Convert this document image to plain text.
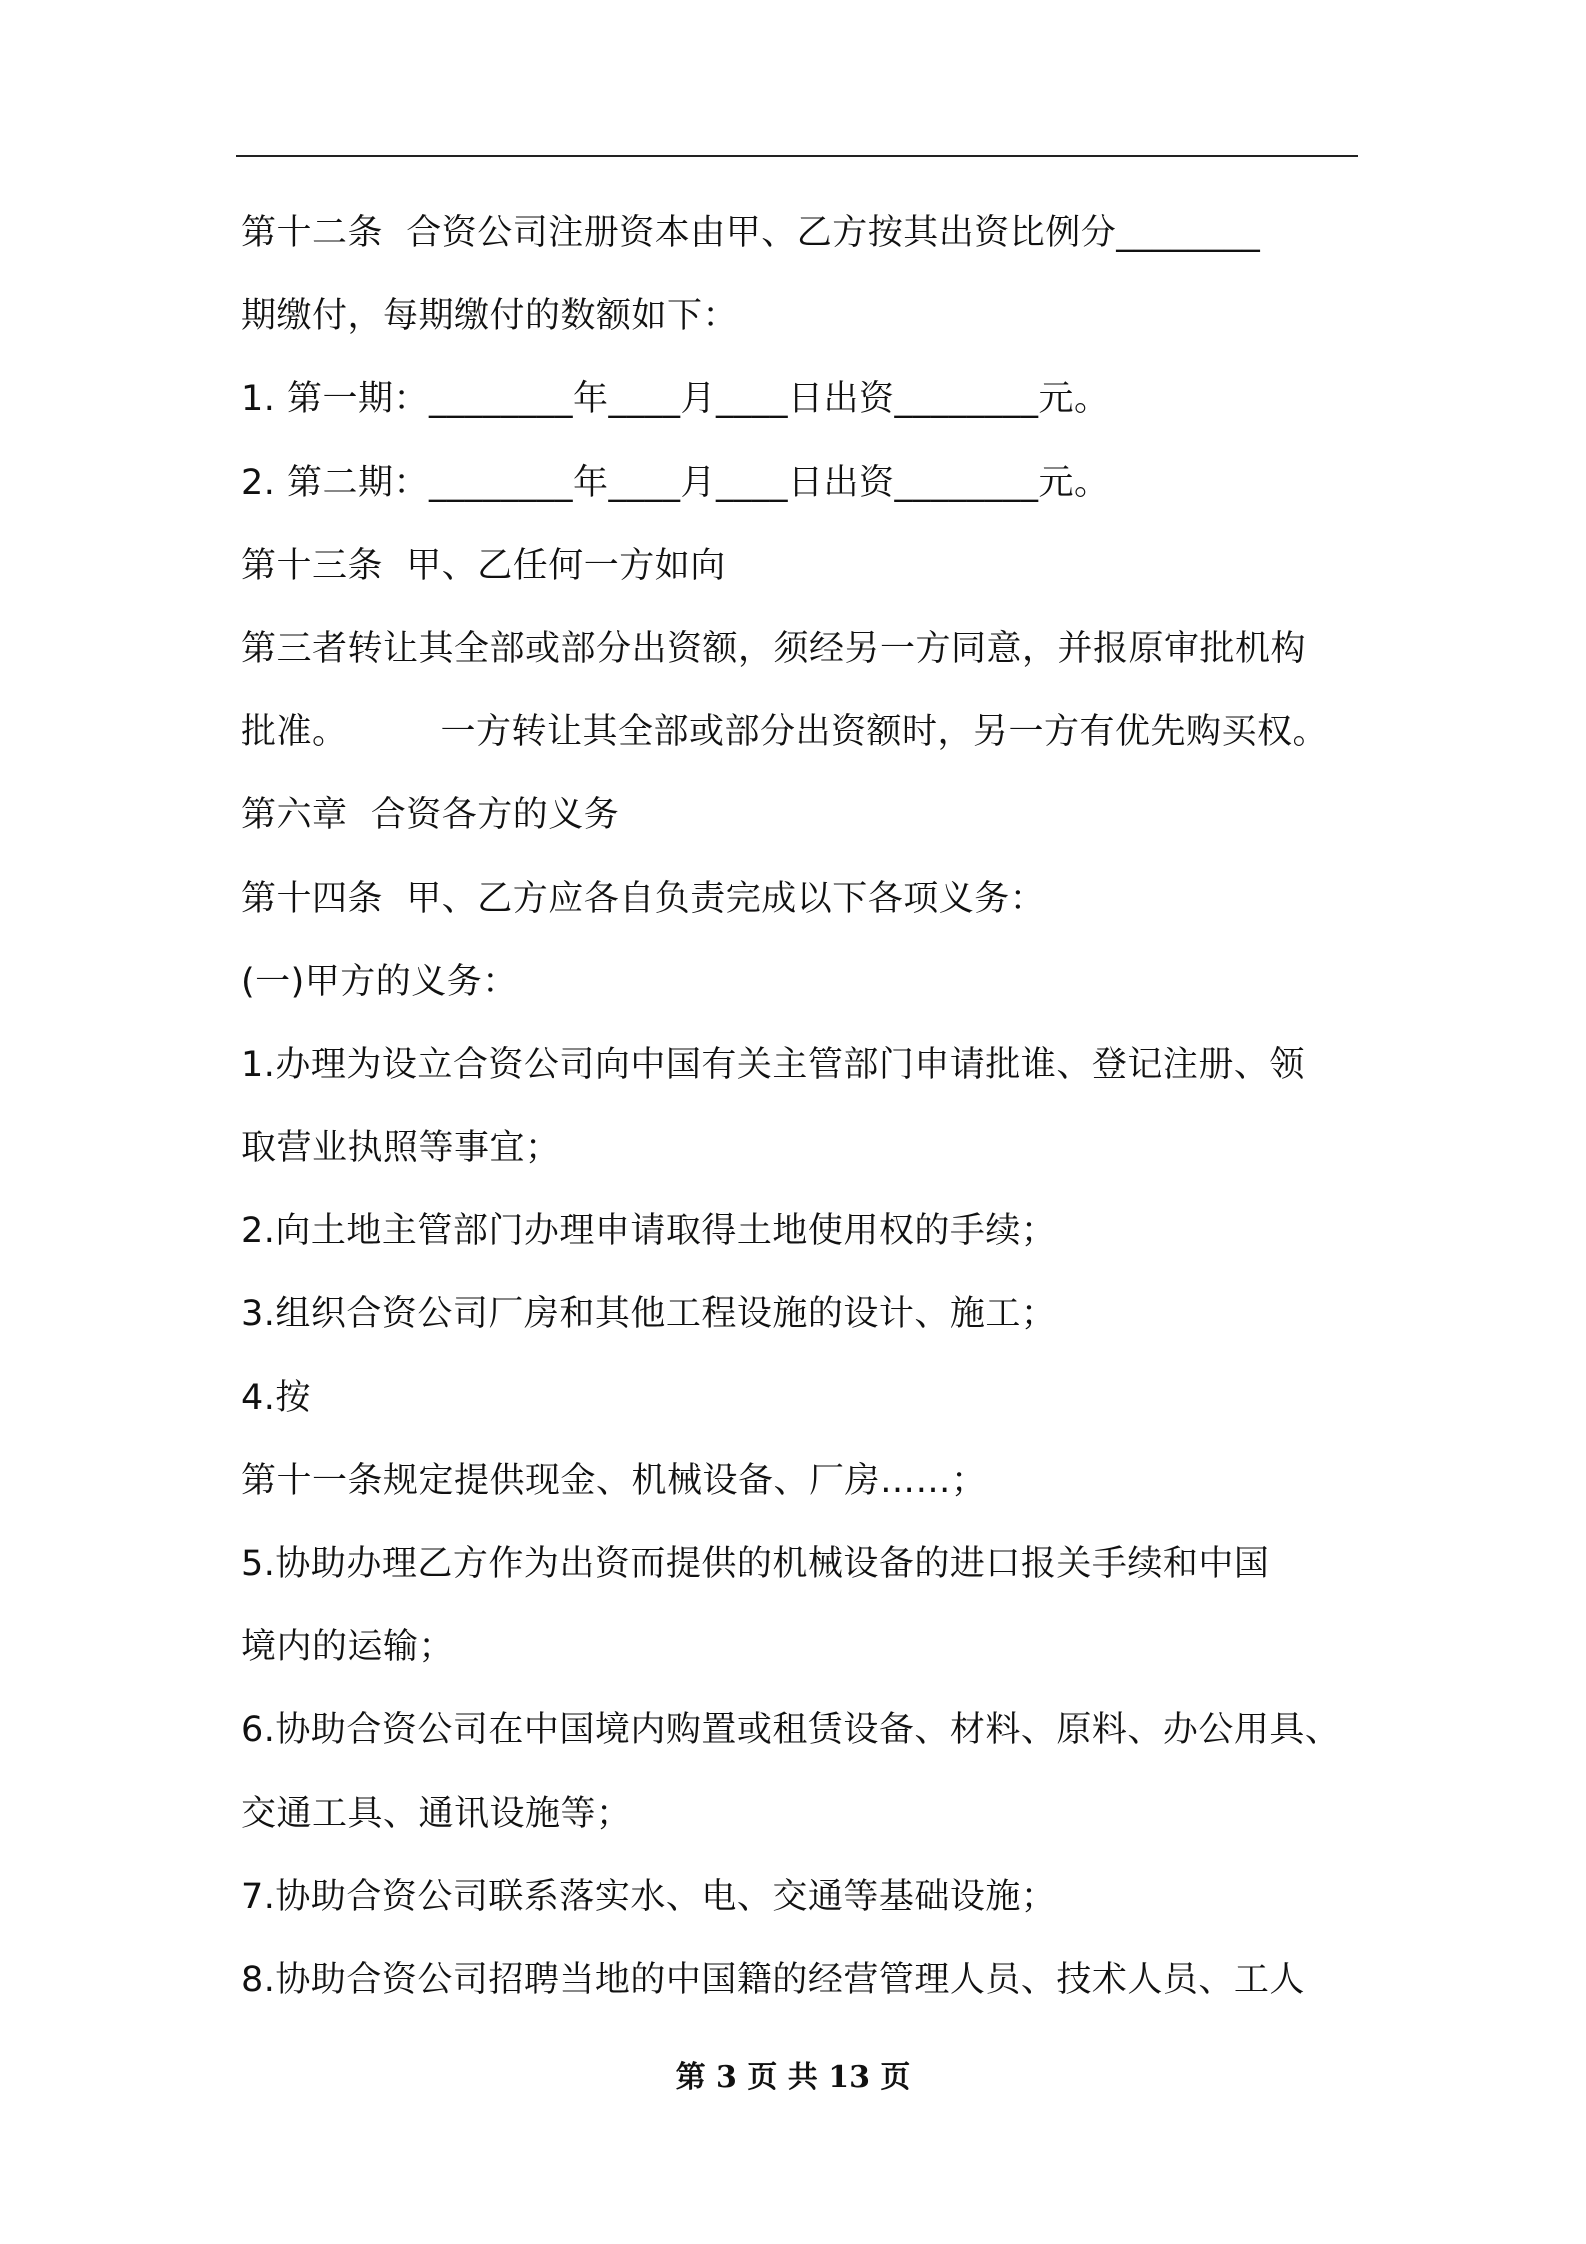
第十二条  合资公司注册资本由甲、乙方按其出资比例分________
期缴付，每期缴付的数额如下：
1. 第一期：________年____月____日出资________元。
2. 第二期：________年____月____日出资________元。
第十三条  甲、乙任何一方如向
第三者转让其全部或部分出资额，须经另一方同意，并报原审批机构
批准。        一方转让其全部或部分出资额时，另一方有优先购买权。
第六章  合资各方的义务
第十四条  甲、乙方应各自负责完成以下各项义务：
(一)甲方的义务：
1.办理为设立合资公司向中国有关主管部门申请批谁、登记注册、领
取营业执照等事宜；
2.向土地主管部门办理申请取得土地使用权的手续；
3.组织合资公司厂房和其他工程设施的设计、施工；
4.按
第十一条规定提供现金、机械设备、厂房……；
5.协助办理乙方作为出资而提供的机械设备的进口报关手续和中国
境内的运输；
6.协助合资公司在中国境内购置或租赁设备、材料、原料、办公用具、
交通工具、通讯设施等；
7.协助合资公司联系落实水、电、交通等基础设施；
8.协助合资公司招聘当地的中国籍的经营管理人员、技术人员、工人
第 3 页 共 13 页
